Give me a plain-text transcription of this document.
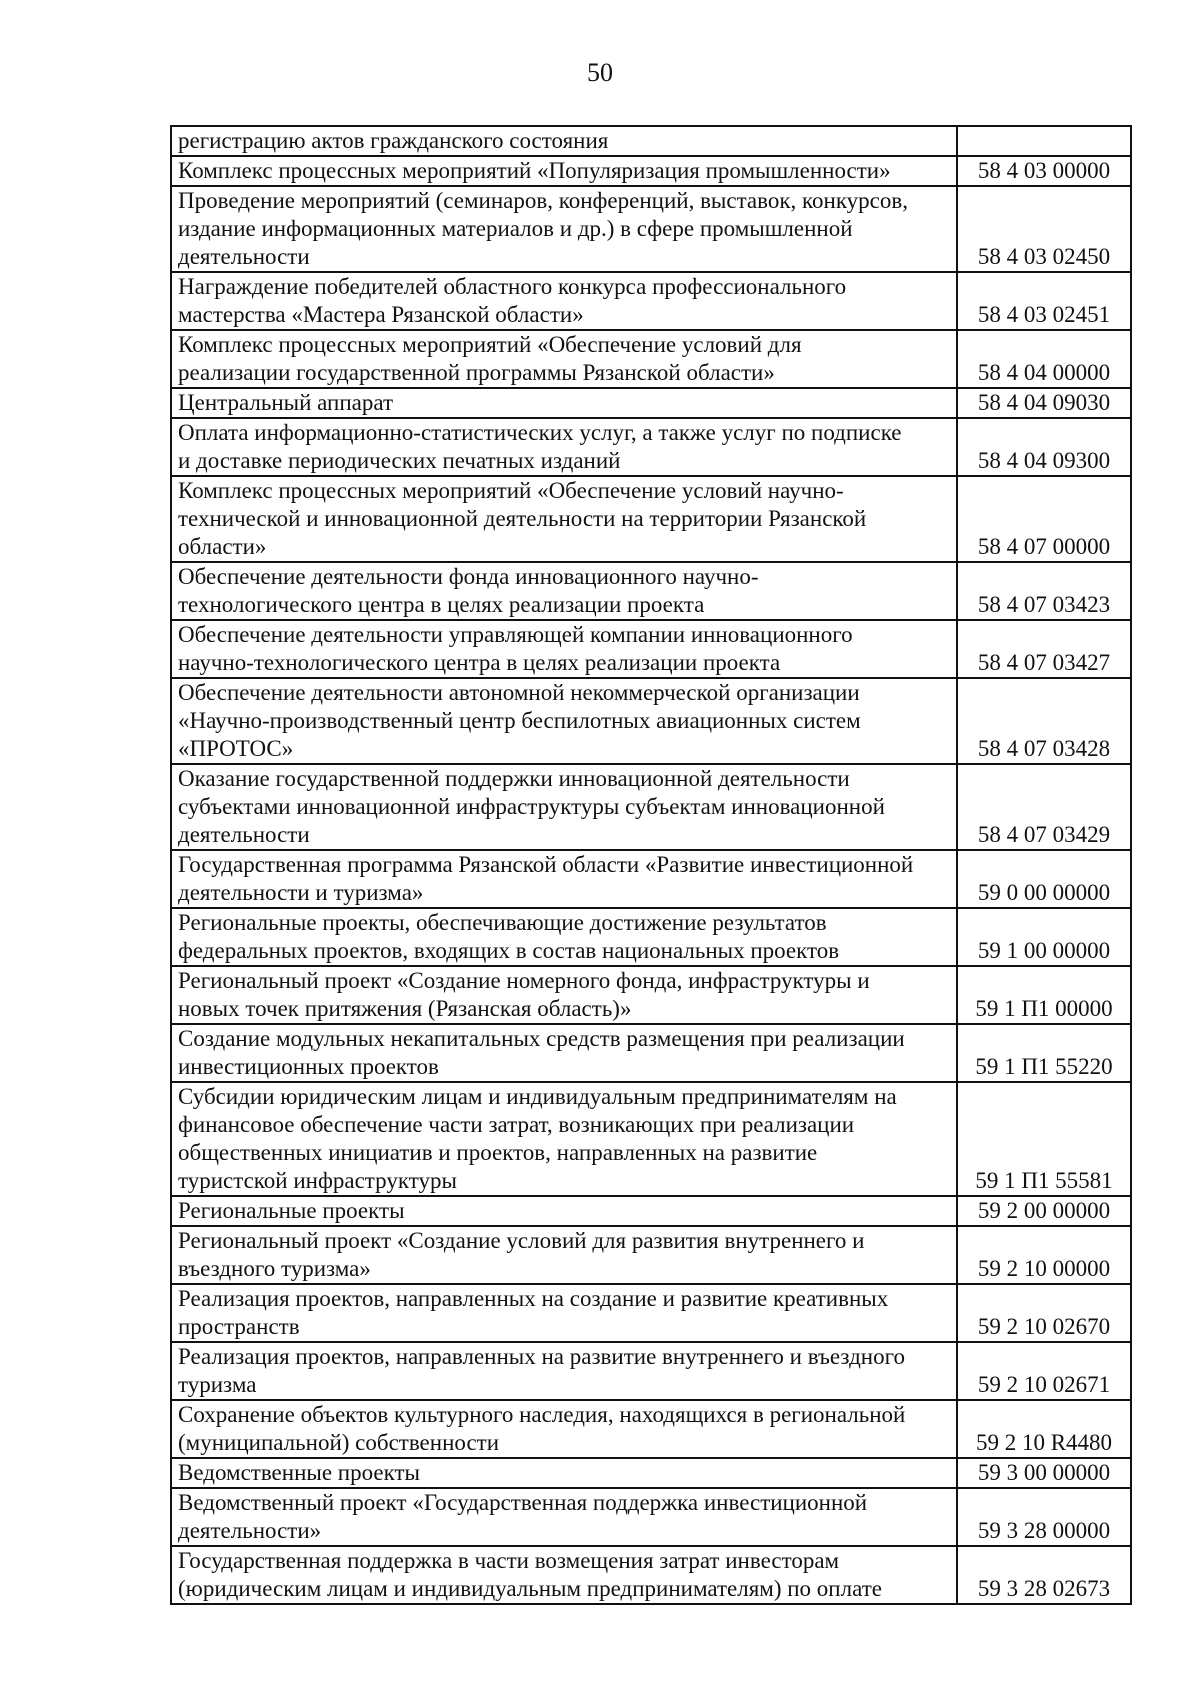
50
регистрацию актов гражданского состояния	

Комплекс процессных мероприятий «Популяризация промышленности»	58 4 03 00000

Проведение мероприятий (семинаров, конференций, выставок, конкурсов,
издание информационных материалов и др.) в сфере промышленной
деятельности	58 4 03 02450

Награждение победителей областного конкурса профессионального
мастерства «Мастера Рязанской области»	58 4 03 02451

Комплекс процессных мероприятий «Обеспечение условий для
реализации государственной программы Рязанской области»	58 4 04 00000

Центральный аппарат	58 4 04 09030

Оплата информационно-статистических услуг, а также услуг по подписке
и доставке периодических печатных изданий	58 4 04 09300

Комплекс процессных мероприятий «Обеспечение условий научно-
технической и инновационной деятельности на территории Рязанской
области»	58 4 07 00000

Обеспечение деятельности фонда инновационного научно-
технологического центра в целях реализации проекта	58 4 07 03423

Обеспечение деятельности управляющей компании инновационного
научно-технологического центра в целях реализации проекта	58 4 07 03427

Обеспечение деятельности автономной некоммерческой организации
«Научно-производственный центр беспилотных авиационных систем
«ПРОТОС»	58 4 07 03428

Оказание государственной поддержки инновационной деятельности
субъектами инновационной инфраструктуры субъектам инновационной
деятельности	58 4 07 03429

Государственная программа Рязанской области «Развитие инвестиционной
деятельности и туризма»	59 0 00 00000

Региональные проекты, обеспечивающие достижение результатов
федеральных проектов, входящих в состав национальных проектов	59 1 00 00000

Региональный проект «Создание номерного фонда, инфраструктуры и
новых точек притяжения (Рязанская область)»	59 1 П1 00000

Создание модульных некапитальных средств размещения при реализации
инвестиционных проектов	59 1 П1 55220

Субсидии юридическим лицам и индивидуальным предпринимателям на
финансовое обеспечение части затрат, возникающих при реализации
общественных инициатив и проектов, направленных на развитие
туристской инфраструктуры	59 1 П1 55581

Региональные проекты	59 2 00 00000

Региональный проект «Создание условий для развития внутреннего и
въездного туризма»	59 2 10 00000

Реализация проектов, направленных на создание и развитие креативных
пространств	59 2 10 02670

Реализация проектов, направленных на развитие внутреннего и въездного
туризма	59 2 10 02671

Сохранение объектов культурного наследия, находящихся в региональной
(муниципальной) собственности	59 2 10 R4480

Ведомственные проекты	59 3 00 00000

Ведомственный проект «Государственная поддержка инвестиционной
деятельности»	59 3 28 00000

Государственная поддержка в части возмещения затрат инвесторам
(юридическим лицам и индивидуальным предпринимателям) по оплате	59 3 28 02673
